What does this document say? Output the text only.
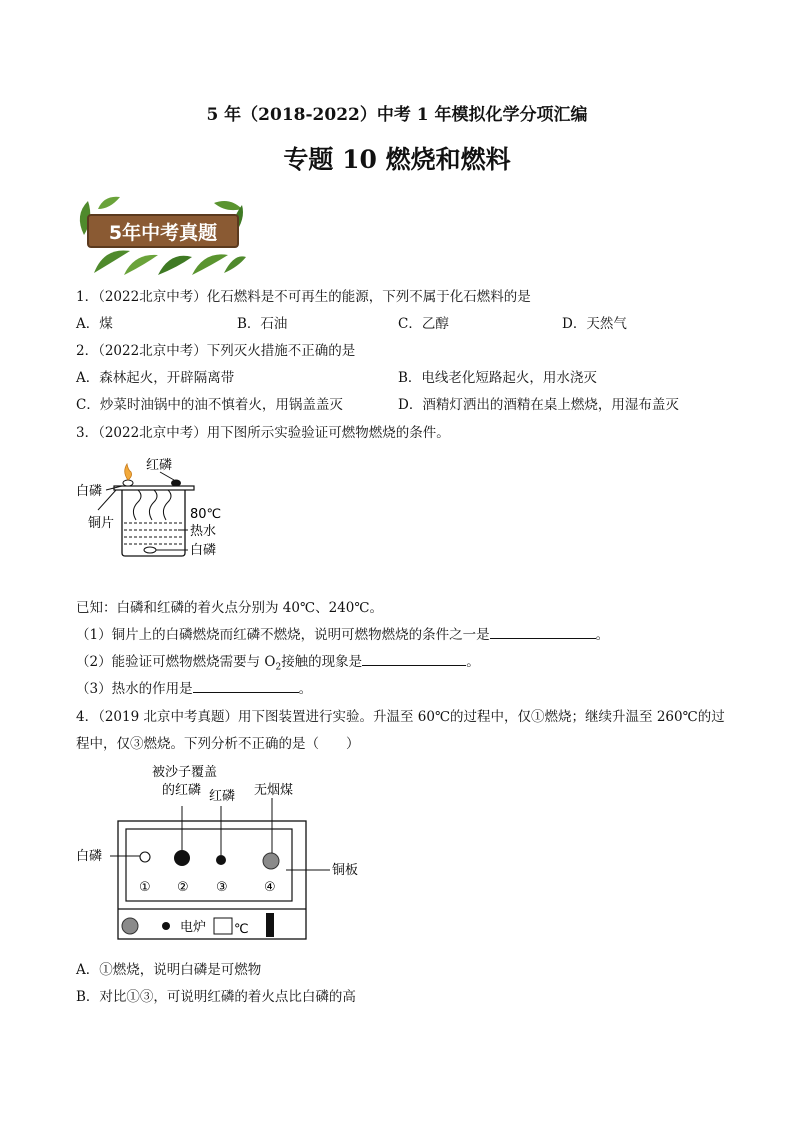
5 年（2018-2022）中考 1 年模拟化学分项汇编
专题 10 燃烧和燃料
5年中考真题
1．（2022北京中考）化石燃料是不可再生的能源，下列不属于化石燃料的是
A．煤	B．石油	C．乙醇	D．天然气
2．（2022北京中考）下列灭火措施不正确的是
A．森林起火，开辟隔离带	B．电线老化短路起火，用水浇灭
C．炒菜时油锅中的油不慎着火，用锅盖盖灭	D．酒精灯洒出的酒精在桌上燃烧，用湿布盖灭
3．（2022北京中考）用下图所示实验验证可燃物燃烧的条件。
红磷
白磷
铜片
80℃
热水
白磷
已知：白磷和红磷的着火点分别为 40℃、240℃。
（1）铜片上的白磷燃烧而红磷不燃烧，说明可燃物燃烧的条件之一是	。
（2）能验证可燃物燃烧需要与 $O_2$接触的现象是	。
（3）热水的作用是	。
4．（2019 北京中考真题）用下图装置进行实验。升温至 60℃的过程中，仅①燃烧；继续升温至 260℃的过
程中，仅③燃烧。下列分析不正确的是（　　）
被沙子覆盖
的红磷 红磷 无烟煤
白磷
铜板
① ② ③	④
电炉 ℃
A．①燃烧，说明白磷是可燃物
B．对比①③，可说明红磷的着火点比白磷的高
